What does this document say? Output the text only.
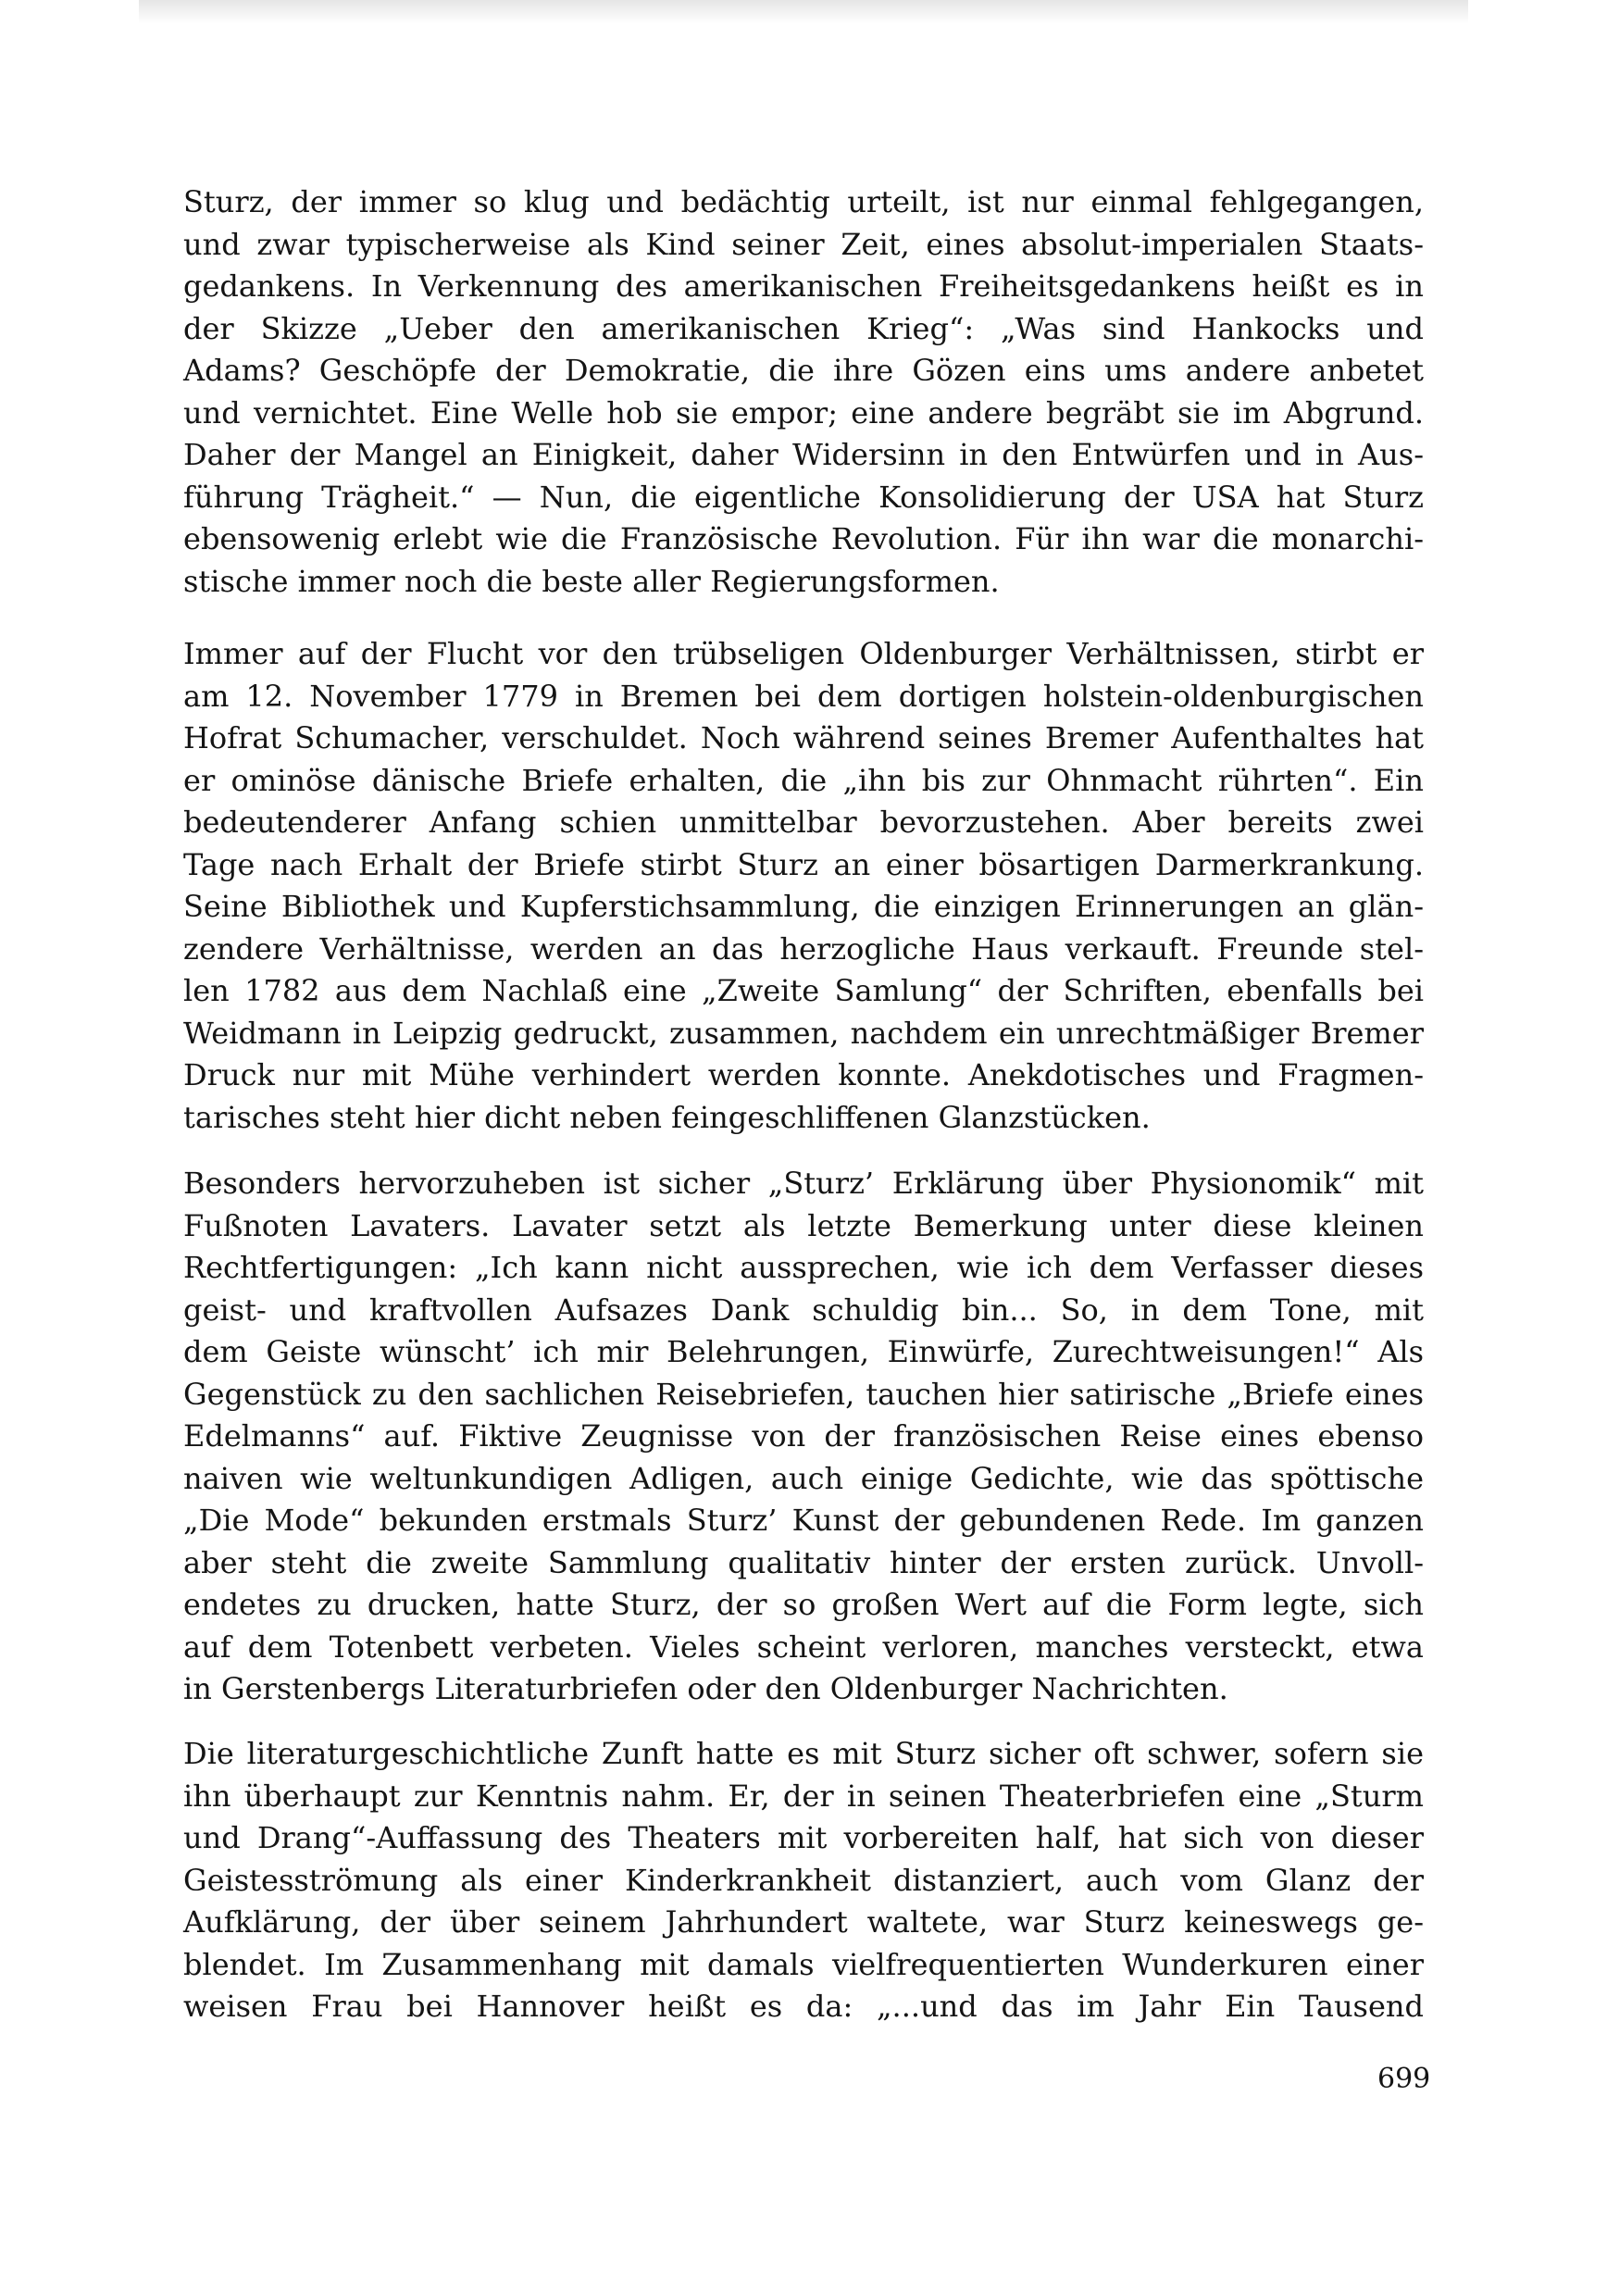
Sturz, der immer so klug und bedächtig urteilt, ist nur einmal fehlgegangen,
und zwar typischerweise als Kind seiner Zeit, eines absolut-imperialen Staats-
gedankens. In Verkennung des amerikanischen Freiheitsgedankens heißt es in
der Skizze „Ueber den amerikanischen Krieg“: „Was sind Hankocks und
Adams? Geschöpfe der Demokratie, die ihre Gözen eins ums andere anbetet
und vernichtet. Eine Welle hob sie empor; eine andere begräbt sie im Abgrund.
Daher der Mangel an Einigkeit, daher Widersinn in den Entwürfen und in Aus-
führung Trägheit.“ — Nun, die eigentliche Konsolidierung der USA hat Sturz
ebensowenig erlebt wie die Französische Revolution. Für ihn war die monarchi-
stische immer noch die beste aller Regierungsformen.
Immer auf der Flucht vor den trübseligen Oldenburger Verhältnissen, stirbt er
am 12. November 1779 in Bremen bei dem dortigen holstein-oldenburgischen
Hofrat Schumacher, verschuldet. Noch während seines Bremer Aufenthaltes hat
er ominöse dänische Briefe erhalten, die „ihn bis zur Ohnmacht rührten“. Ein
bedeutenderer Anfang schien unmittelbar bevorzustehen. Aber bereits zwei
Tage nach Erhalt der Briefe stirbt Sturz an einer bösartigen Darmerkrankung.
Seine Bibliothek und Kupferstichsammlung, die einzigen Erinnerungen an glän-
zendere Verhältnisse, werden an das herzogliche Haus verkauft. Freunde stel-
len 1782 aus dem Nachlaß eine „Zweite Samlung“ der Schriften, ebenfalls bei
Weidmann in Leipzig gedruckt, zusammen, nachdem ein unrechtmäßiger Bremer
Druck nur mit Mühe verhindert werden konnte. Anekdotisches und Fragmen-
tarisches steht hier dicht neben feingeschliffenen Glanzstücken.
Besonders hervorzuheben ist sicher „Sturz’ Erklärung über Physionomik“ mit
Fußnoten Lavaters. Lavater setzt als letzte Bemerkung unter diese kleinen
Rechtfertigungen: „Ich kann nicht aussprechen, wie ich dem Verfasser dieses
geist- und kraftvollen Aufsazes Dank schuldig bin... So, in dem Tone, mit
dem Geiste wünscht’ ich mir Belehrungen, Einwürfe, Zurechtweisungen!“ Als
Gegenstück zu den sachlichen Reisebriefen, tauchen hier satirische „Briefe eines
Edelmanns“ auf. Fiktive Zeugnisse von der französischen Reise eines ebenso
naiven wie weltunkundigen Adligen, auch einige Gedichte, wie das spöttische
„Die Mode“ bekunden erstmals Sturz’ Kunst der gebundenen Rede. Im ganzen
aber steht die zweite Sammlung qualitativ hinter der ersten zurück. Unvoll-
endetes zu drucken, hatte Sturz, der so großen Wert auf die Form legte, sich
auf dem Totenbett verbeten. Vieles scheint verloren, manches versteckt, etwa
in Gerstenbergs Literaturbriefen oder den Oldenburger Nachrichten.
Die literaturgeschichtliche Zunft hatte es mit Sturz sicher oft schwer, sofern sie
ihn überhaupt zur Kenntnis nahm. Er, der in seinen Theaterbriefen eine „Sturm
und Drang“-Auffassung des Theaters mit vorbereiten half, hat sich von dieser
Geistesströmung als einer Kinderkrankheit distanziert, auch vom Glanz der
Aufklärung, der über seinem Jahrhundert waltete, war Sturz keineswegs ge-
blendet. Im Zusammenhang mit damals vielfrequentierten Wunderkuren einer
weisen Frau bei Hannover heißt es da: „...und das im Jahr Ein Tausend
699
